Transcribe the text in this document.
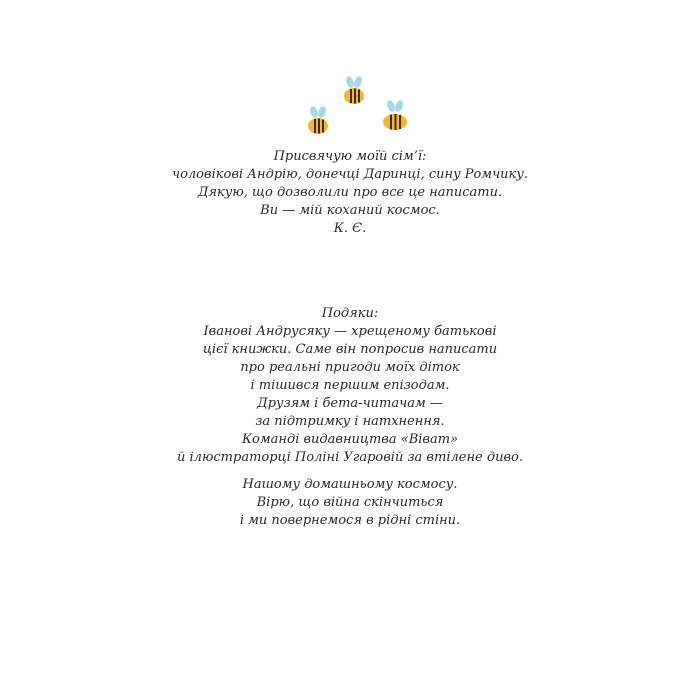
Присвячую моїй сім’ї:

чоловікові Андрію, донечці Даринці, сину Ромчику.

Дякую, що дозволили про все це написати.

Ви — мій коханий космос.

К. Є.

Подяки:

Іванові Андрусяку — хрещеному батькові

цієї книжки. Саме він попросив написати

про реальні пригоди моїх діток

і тішився першим епізодам.

Друзям і бета-читачам —

за підтримку і натхнення.

Команді видавництва «Віват»

й ілюстраторці Поліні Угаровій за втілене диво.

Нашому домашньому космосу.

Вірю, що війна скінчиться

і ми повернемося в рідні стіни.
